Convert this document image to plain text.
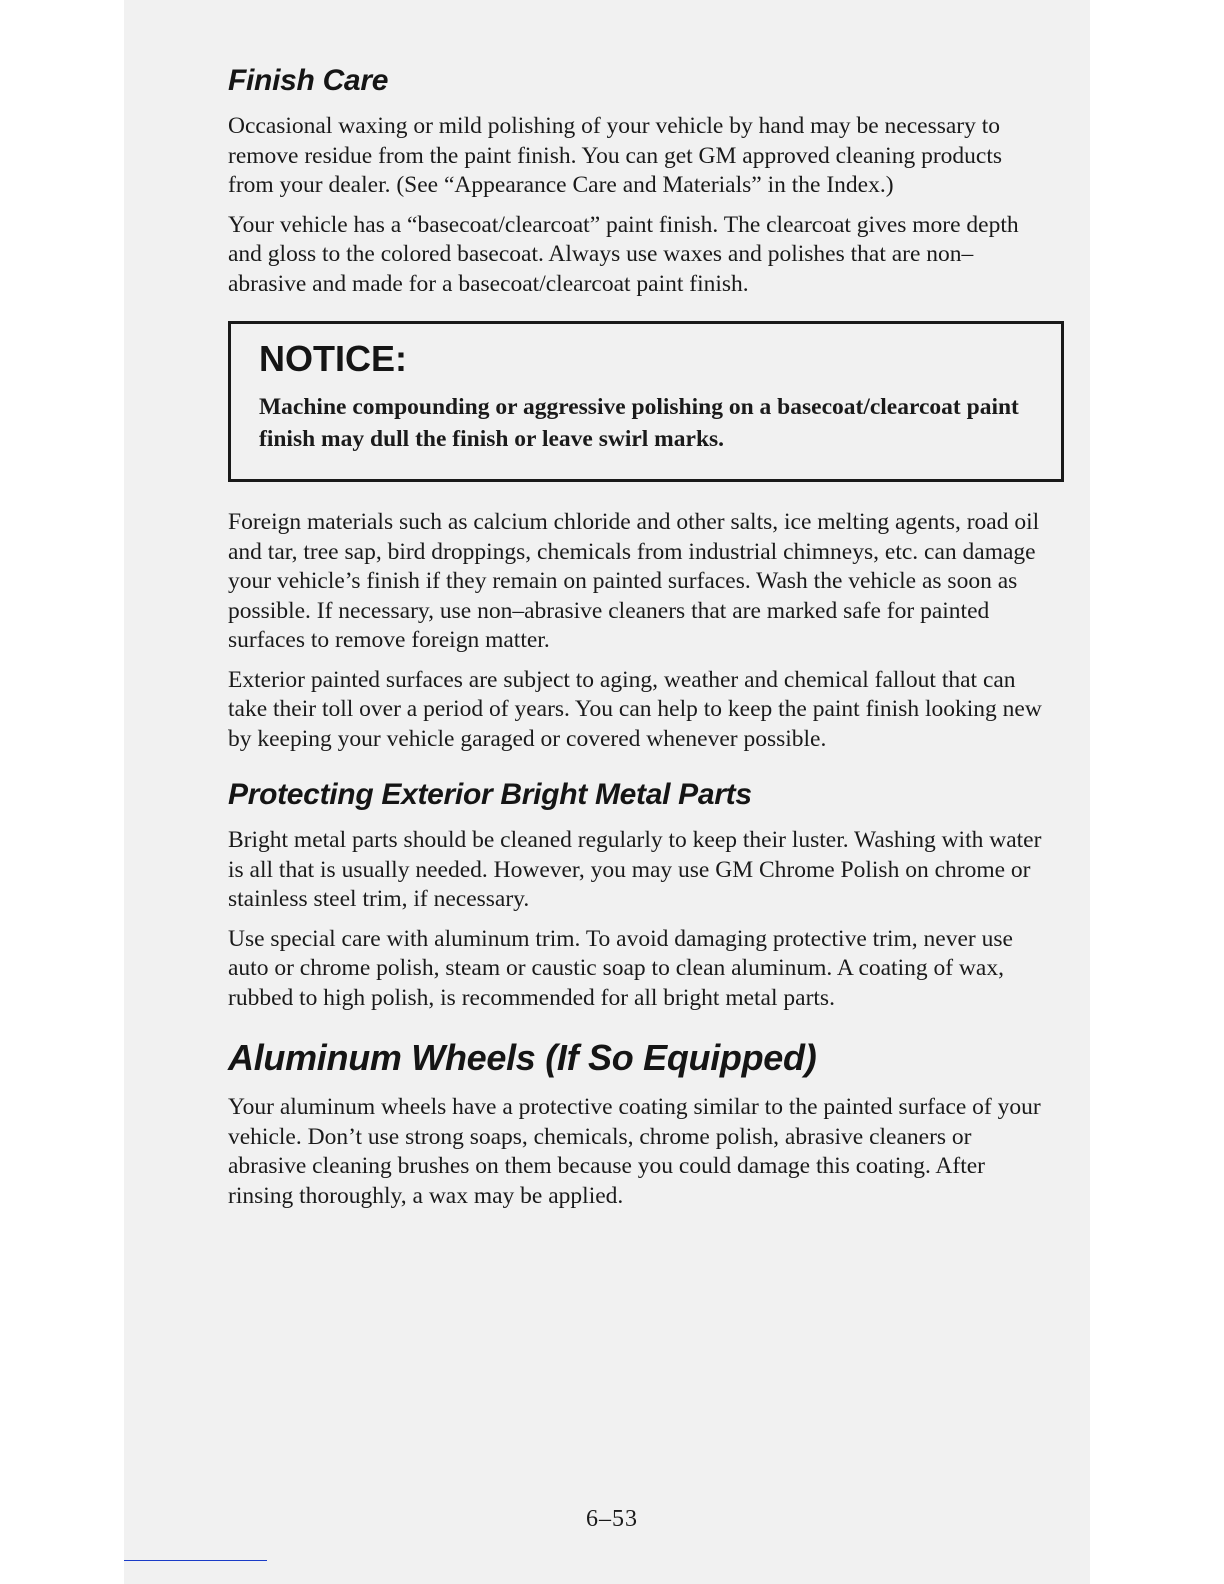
Finish Care

Occasional waxing or mild polishing of your vehicle by hand may be necessary to remove residue from the paint finish. You can get GM approved cleaning products from your dealer. (See “Appearance Care and Materials” in the Index.)

Your vehicle has a “basecoat/clearcoat” paint finish. The clearcoat gives more depth and gloss to the colored basecoat. Always use waxes and polishes that are non–abrasive and made for a basecoat/clearcoat paint finish.

NOTICE:

Machine compounding or aggressive polishing on a basecoat/clearcoat paint finish may dull the finish or leave swirl marks.

Foreign materials such as calcium chloride and other salts, ice melting agents, road oil and tar, tree sap, bird droppings, chemicals from industrial chimneys, etc. can damage your vehicle’s finish if they remain on painted surfaces. Wash the vehicle as soon as possible. If necessary, use non–abrasive cleaners that are marked safe for painted surfaces to remove foreign matter.

Exterior painted surfaces are subject to aging, weather and chemical fallout that can take their toll over a period of years. You can help to keep the paint finish looking new by keeping your vehicle garaged or covered whenever possible.

Protecting Exterior Bright Metal Parts

Bright metal parts should be cleaned regularly to keep their luster. Washing with water is all that is usually needed. However, you may use GM Chrome Polish on chrome or stainless steel trim, if necessary.

Use special care with aluminum trim. To avoid damaging protective trim, never use auto or chrome polish, steam or caustic soap to clean aluminum. A coating of wax, rubbed to high polish, is recommended for all bright metal parts.

Aluminum Wheels (If So Equipped)

Your aluminum wheels have a protective coating similar to the painted surface of your vehicle. Don’t use strong soaps, chemicals, chrome polish, abrasive cleaners or abrasive cleaning brushes on them because you could damage this coating. After rinsing thoroughly, a wax may be applied.

6–53
